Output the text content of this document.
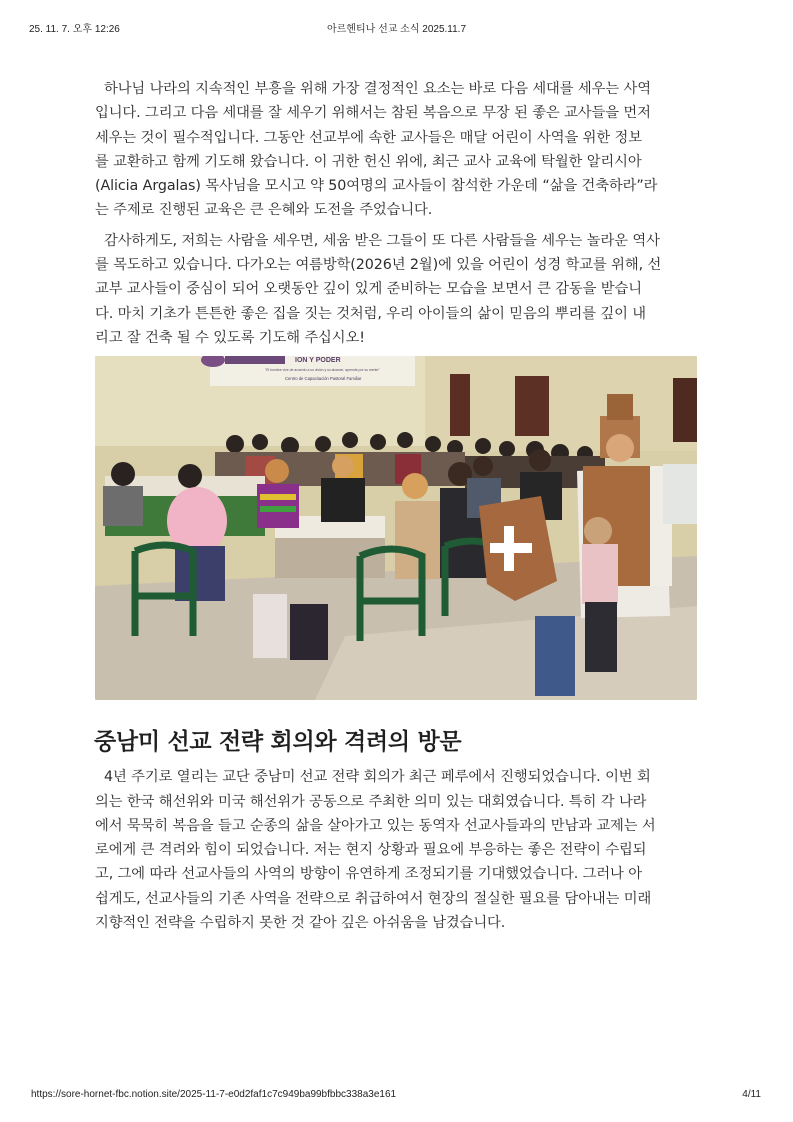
25. 11. 7. 오후 12:26	아르헨티나 선교 소식 2025.11.7

하나님 나라의 지속적인 부흥을 위해 가장 결정적인 요소는 바로 다음 세대를 세우는 사역
입니다. 그리고 다음 세대를 잘 세우기 위해서는 참된 복음으로 무장 된 좋은 교사들을 먼저
세우는 것이 필수적입니다. 그동안 선교부에 속한 교사들은 매달 어린이 사역을 위한 정보
를 교환하고 함께 기도해 왔습니다. 이 귀한 헌신 위에, 최근 교사 교육에 탁월한 알리시아
(Alicia Argalas) 목사님을 모시고 약 50여명의 교사들이 참석한 가운데 “삶을 건축하라”라
는 주제로 진행된 교육은 큰 은혜와 도전을 주었습니다.

감사하게도, 저희는 사람을 세우면, 세움 받은 그들이 또 다른 사람들을 세우는 놀라운 역사
를 목도하고 있습니다. 다가오는 여름방학(2026년 2월)에 있을 어린이 성경 학교를 위해, 선
교부 교사들이 중심이 되어 오랫동안 깊이 있게 준비하는 모습을 보면서 큰 감동을 받습니
다. 마치 기초가 튼튼한 좋은 집을 짓는 것처럼, 우리 아이들의 삶이 믿음의 뿌리를 깊이 내
리고 잘 건축 될 수 있도록 기도해 주십시오!

ION Y PODER
"El hombre vive de acuerdo a su visión y su alcance, aprende por su mente"
Centro de Capacitación Pastoral Familiar
중남미 선교 전략 회의와 격려의 방문

4년 주기로 열리는 교단 중남미 선교 전략 회의가 최근 페루에서 진행되었습니다. 이번 회
의는 한국 해선위와 미국 해선위가 공동으로 주최한 의미 있는 대회였습니다. 특히 각 나라
에서 묵묵히 복음을 들고 순종의 삶을 살아가고 있는 동역자 선교사들과의 만남과 교제는 서
로에게 큰 격려와 힘이 되었습니다. 저는 현지 상황과 필요에 부응하는 좋은 전략이 수립되
고, 그에 따라 선교사들의 사역의 방향이 유연하게 조정되기를 기대했었습니다. 그러나 아
쉽게도, 선교사들의 기존 사역을 전략으로 취급하여서 현장의 절실한 필요를 담아내는 미래
지향적인 전략을 수립하지 못한 것 같아 깊은 아쉬움을 남겼습니다.

https://sore-hornet-fbc.notion.site/2025-11-7-e0d2faf1c7c949ba99bfbbc338a3e161	4/11
